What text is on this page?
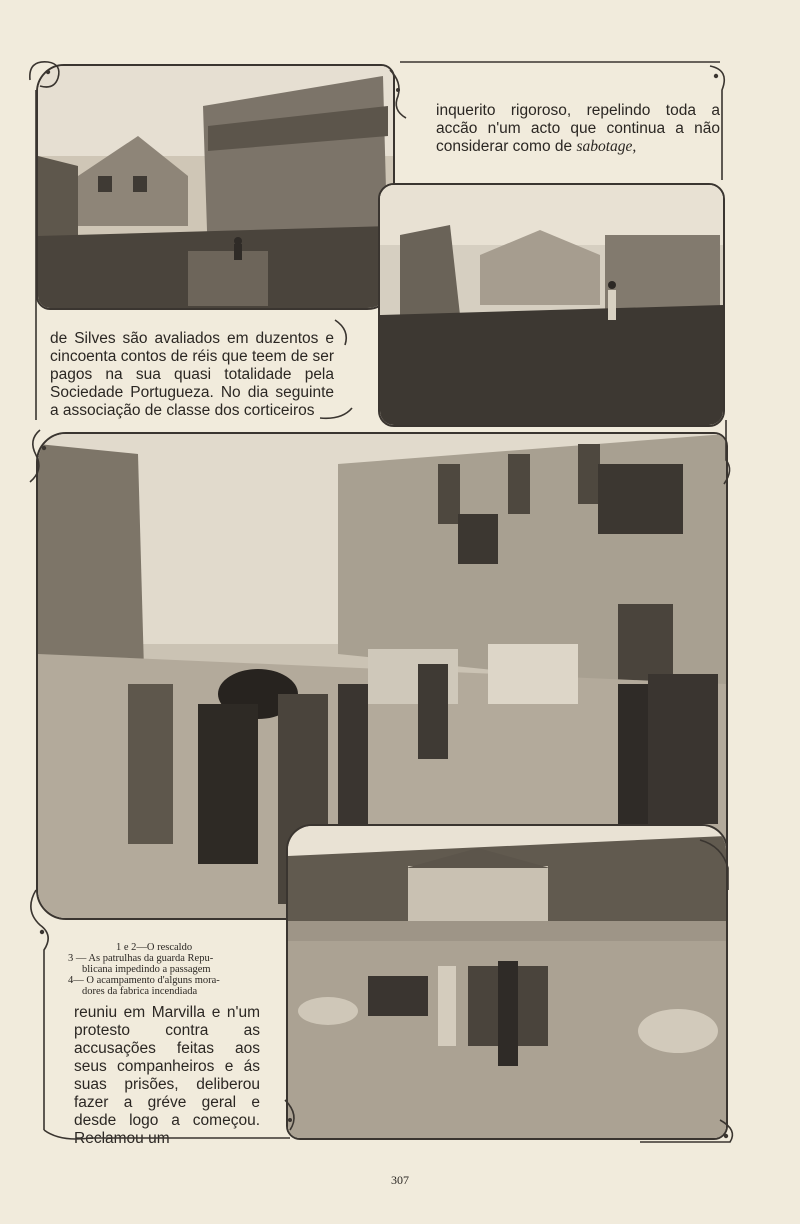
inquerito rigoroso, repelindo toda a accão n'um acto que continua a não considerar como de sabotage,

de Silves são avaliados em duzentos e cincoenta contos de réis que teem de ser pagos na sua quasi totalidade pela Sociedade Portugueza. No dia seguinte a associação de classe dos corticeiros

1 e 2—O rescaldo
3 — As patrulhas da guarda Repu-
blicana impedindo a passagem
4— O acampamento d'alguns mora-
dores da fabrica incendiada

reuniu em Marvilla e n'um protesto contra as accusações feitas aos seus companheiros e ás suas prisões, deliberou fazer a gréve geral e desde logo a começou. Reclamou um

307
